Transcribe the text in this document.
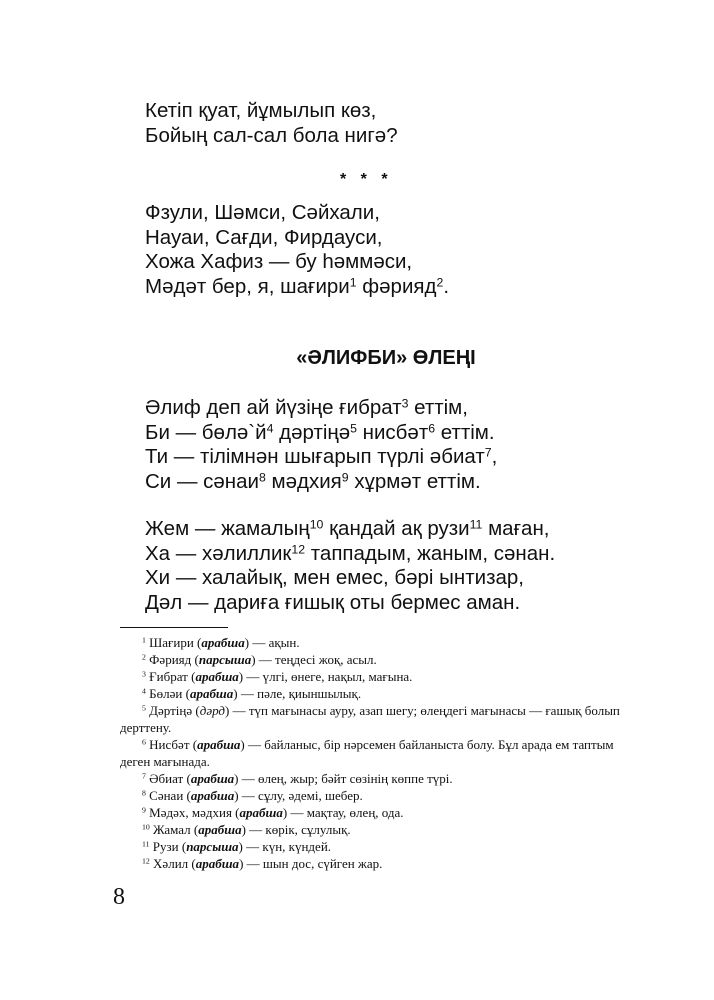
Кетіп қуат, йұмылып көз,
Бойың сал-сал бола нигә?
* * *
Фзули, Шәмси, Сәйхали,
Науаи, Сағди, Фирдауси,
Хожа Хафиз — бу һәммәси,
Мәдәт бер, я, шағири$^1$ фәрияд$^2$.
«ӘЛИФБИ» ӨЛЕҢІ
Әлиф деп ай йүзіңе ғибрат$^3$ еттім,
Би — $бөлә`й^4$ дәртіңә$^5$ нисбәт$^6$ еттім.
Ти — тілімнән шығарып түрлі әбиат$^7$,
Си — сәнаи$^8$ мәдхия$^9$ хұрмәт еттім.
Жем — жамалың$^{10}$ қандай ақ рузи$^{11}$ маған,
Ха — хәлиллик$^{12}$ таппадым, жаным, сәнан.
Хи — халайық, мен емес, бәрі ынтизар,
Дәл — дариға ғишық оты бермес аман.
$^1$ Шағири (арабша) — ақын.
$^2$ Фәрияд (парсыша) — теңдесі жоқ, асыл.
$^3$ Ғибрат (арабша) — үлгі, өнеге, нақыл, мағына.
$^4$ Бөләи (арабша) — пәле, қиыншылық.
$^5$ Дәртіңә (дәрд) — түп мағынасы ауру, азап шегу; өлеңдегі мағынасы — ғашық болып дерттену.
$^6$ Нисбәт (арабша) — байланыс, бір нәрсемен байланыста болу. Бұл арада ем таптым деген мағынада.
$^7$ Әбиат (арабша) — өлең, жыр; бәйт сөзінің көппе түрі.
$^8$ Сәнаи (арабша) — сұлу, әдемі, шебер.
$^9$ Мәдәх, мәдхия (арабша) — мақтау, өлең, ода.
$^{10}$ Жамал (арабша) — көрік, сұлулық.
$^{11}$ Рузи (парсыша) — күн, күндей.
$^{12}$ Хәлил (арабша) — шын дос, сүйген жар.
8
